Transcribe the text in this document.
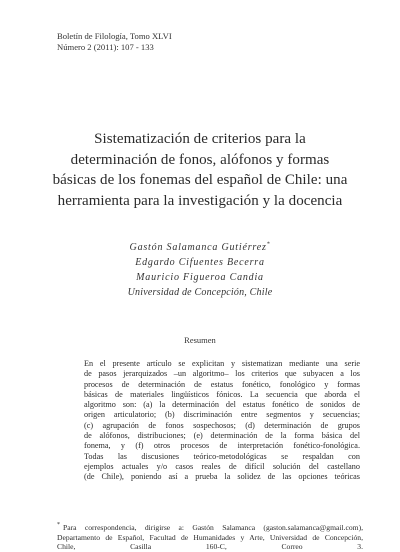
Boletín de Filología, Tomo XLVI
Número 2 (2011): 107 - 133
Sistematización de criterios para la
determinación de fonos, alófonos y formas
básicas de los fonemas del español de Chile: una
herramienta para la investigación y la docencia
Gastón Salamanca Gutiérrez*
Edgardo Cifuentes Becerra
Mauricio Figueroa Candia
Universidad de Concepción, Chile
Resumen
En el presente artículo se explicitan y sistematizan mediante una serie
de pasos jerarquizados –un algoritmo– los criterios que subyacen a los
procesos de determinación de estatus fonético, fonológico y formas
básicas de materiales lingüísticos fónicos. La secuencia que aborda el
algoritmo son: (a) la determinación del estatus fonético de sonidos de
origen articulatorio; (b) discriminación entre segmentos y secuencias;
(c) agrupación de fonos sospechosos; (d) determinación de grupos
de alófonos, distribuciones; (e) determinación de la forma básica del
fonema, y (f) otros procesos de interpretación fonético-fonológica.
Todas las discusiones teórico-metodológicas se respaldan con
ejemplos actuales y/o casos reales de difícil solución del castellano
(de Chile), poniendo así a prueba la solidez de las opciones teóricas
* Para correspondencia, dirigirse a: Gastón Salamanca (gaston.salamanca@gmail.com),
Departamento de Español, Facultad de Humanidades y Arte, Universidad de Concepción,
Chile, Casilla 160-C, Correo 3.
